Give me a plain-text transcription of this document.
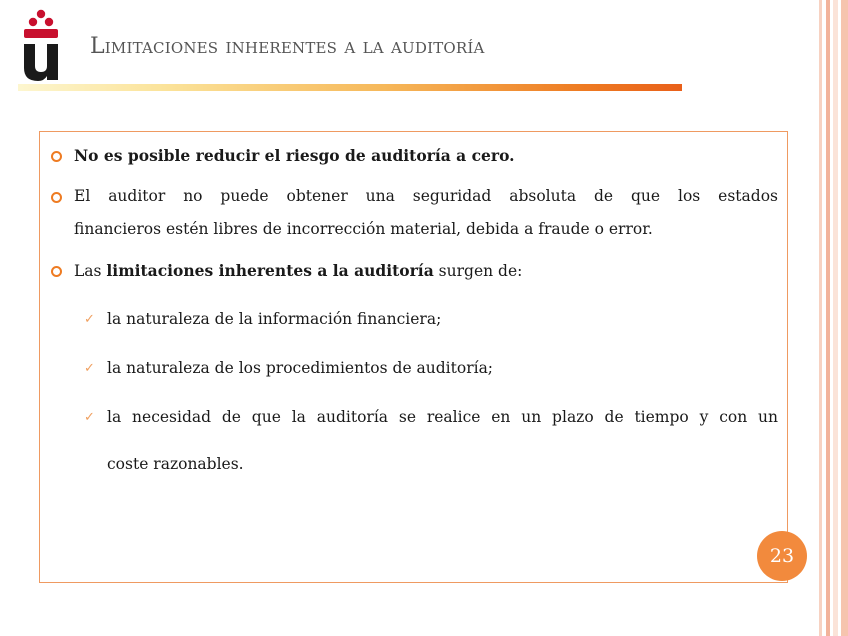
Limitaciones inherentes a la auditoría

No es posible reducir el riesgo de auditoría a cero.

El auditor no puede obtener una seguridad absoluta de que los estados

financieros estén libres de incorrección material, debida a fraude o error.

Las limitaciones inherentes a la auditoría surgen de:

✓ la naturaleza de la información financiera;

✓ la naturaleza de los procedimientos de auditoría;

✓ la necesidad de que la auditoría se realice en un plazo de tiempo y con un

coste razonables.

23
